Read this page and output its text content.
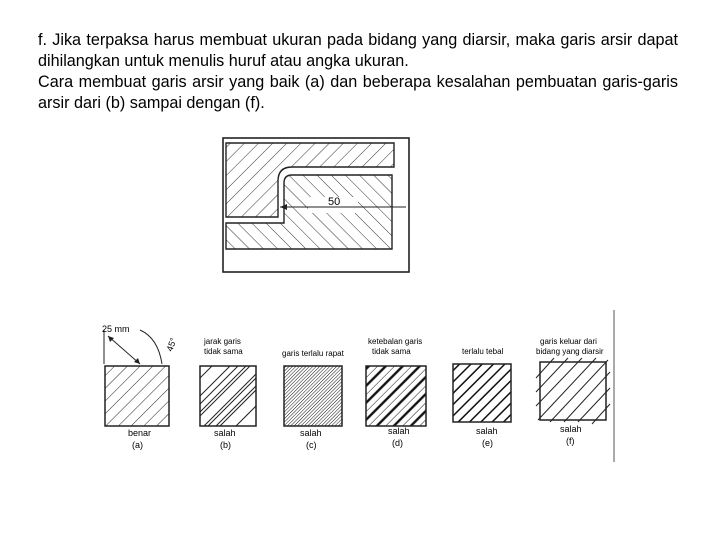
f. Jika terpaksa harus membuat ukuran pada bidang yang diarsir, maka garis arsir dapat dihilangkan untuk menulis huruf atau angka ukuran.

Cara membuat garis arsir yang baik (a) dan beberapa kesalahan pembuatan garis-garis arsir dari (b) sampai dengan (f).

50
25 mm
45°	jarak garis tidak sama	garis terlalu rapat
ketebalan garis tidak sama	terlalu tebal
garis keluar dari bidang yang diarsir
benar
(a)
salah
(b)
salah
(c)
salah
(d)
salah
(e)
salah
(f)
